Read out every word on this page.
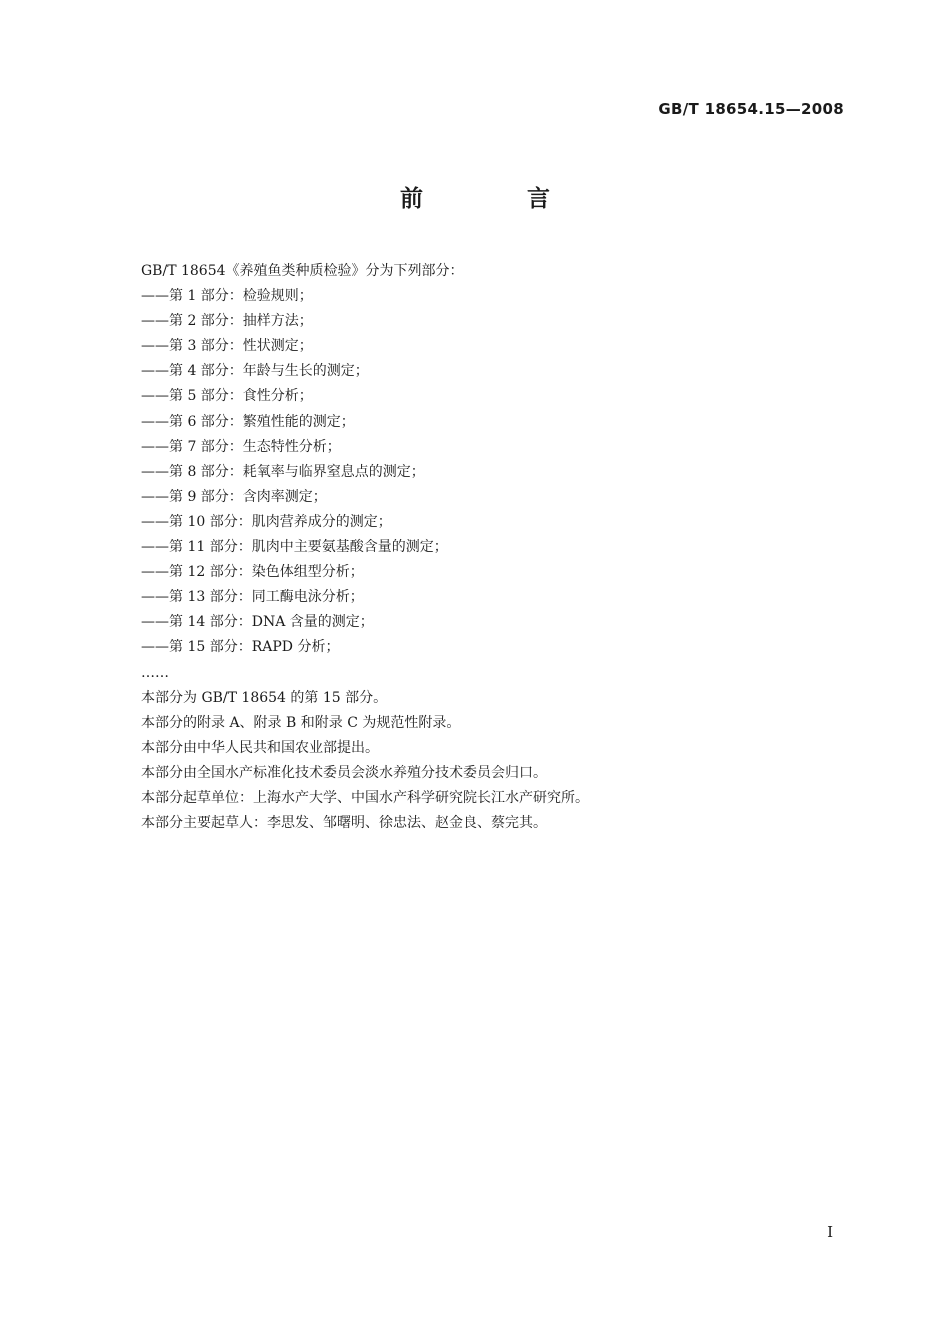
GB/T 18654.15—2008
前 言
GB/T 18654《养殖鱼类种质检验》分为下列部分：
——第 1 部分：检验规则；
——第 2 部分：抽样方法；
——第 3 部分：性状测定；
——第 4 部分：年龄与生长的测定；
——第 5 部分：食性分析；
——第 6 部分：繁殖性能的测定；
——第 7 部分：生态特性分析；
——第 8 部分：耗氧率与临界窒息点的测定；
——第 9 部分：含肉率测定；
——第 10 部分：肌肉营养成分的测定；
——第 11 部分：肌肉中主要氨基酸含量的测定；
——第 12 部分：染色体组型分析；
——第 13 部分：同工酶电泳分析；
——第 14 部分：DNA 含量的测定；
——第 15 部分：RAPD 分析；
……
本部分为 GB/T 18654 的第 15 部分。
本部分的附录 A、附录 B 和附录 C 为规范性附录。
本部分由中华人民共和国农业部提出。
本部分由全国水产标准化技术委员会淡水养殖分技术委员会归口。
本部分起草单位：上海水产大学、中国水产科学研究院长江水产研究所。
本部分主要起草人：李思发、邹曙明、徐忠法、赵金良、蔡完其。
I
